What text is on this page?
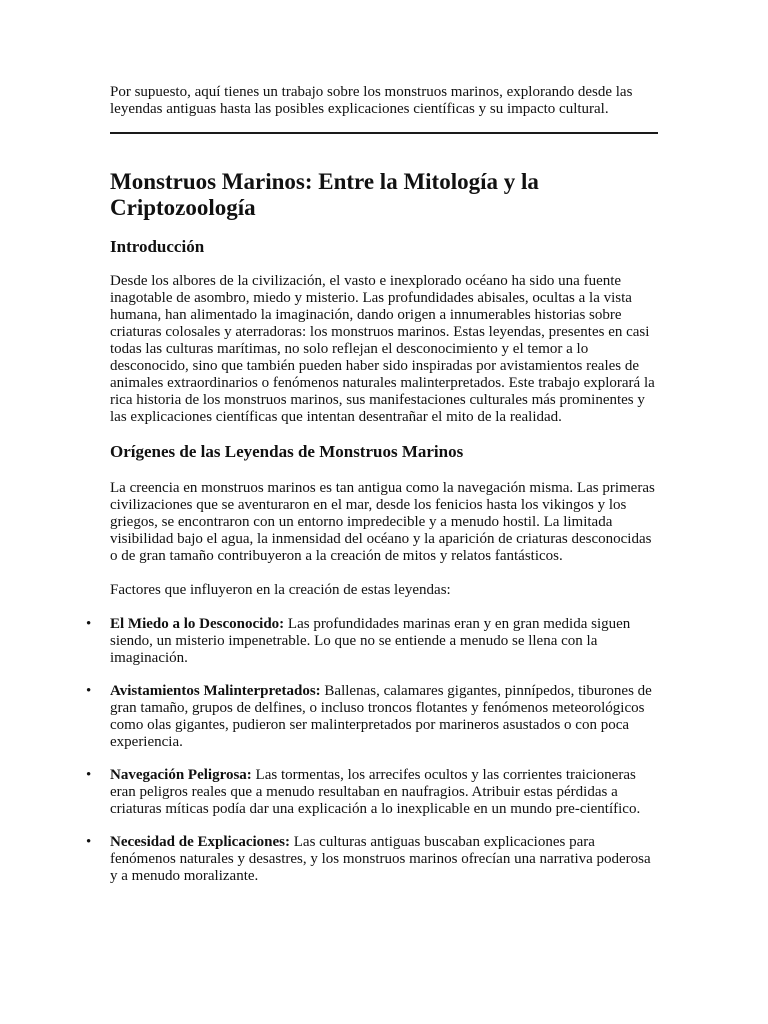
Por supuesto, aquí tienes un trabajo sobre los monstruos marinos, explorando desde las leyendas antiguas hasta las posibles explicaciones científicas y su impacto cultural.

Monstruos Marinos: Entre la Mitología y la Criptozoología
Introducción

Desde los albores de la civilización, el vasto e inexplorado océano ha sido una fuente inagotable de asombro, miedo y misterio. Las profundidades abisales, ocultas a la vista humana, han alimentado la imaginación, dando origen a innumerables historias sobre criaturas colosales y aterradoras: los monstruos marinos. Estas leyendas, presentes en casi todas las culturas marítimas, no solo reflejan el desconocimiento y el temor a lo desconocido, sino que también pueden haber sido inspiradas por avistamientos reales de animales extraordinarios o fenómenos naturales malinterpretados. Este trabajo explorará la rica historia de los monstruos marinos, sus manifestaciones culturales más prominentes y las explicaciones científicas que intentan desentrañar el mito de la realidad.

Orígenes de las Leyendas de Monstruos Marinos

La creencia en monstruos marinos es tan antigua como la navegación misma. Las primeras civilizaciones que se aventuraron en el mar, desde los fenicios hasta los vikingos y los griegos, se encontraron con un entorno impredecible y a menudo hostil. La limitada visibilidad bajo el agua, la inmensidad del océano y la aparición de criaturas desconocidas o de gran tamaño contribuyeron a la creación de mitos y relatos fantásticos.

Factores que influyeron en la creación de estas leyendas:

• El Miedo a lo Desconocido: Las profundidades marinas eran y en gran medida siguen siendo, un misterio impenetrable. Lo que no se entiende a menudo se llena con la imaginación.
• Avistamientos Malinterpretados: Ballenas, calamares gigantes, pinnípedos, tiburones de gran tamaño, grupos de delfines, o incluso troncos flotantes y fenómenos meteorológicos como olas gigantes, pudieron ser malinterpretados por marineros asustados o con poca experiencia.
• Navegación Peligrosa: Las tormentas, los arrecifes ocultos y las corrientes traicioneras eran peligros reales que a menudo resultaban en naufragios. Atribuir estas pérdidas a criaturas míticas podía dar una explicación a lo inexplicable en un mundo pre-científico.
• Necesidad de Explicaciones: Las culturas antiguas buscaban explicaciones para fenómenos naturales y desastres, y los monstruos marinos ofrecían una narrativa poderosa y a menudo moralizante.
